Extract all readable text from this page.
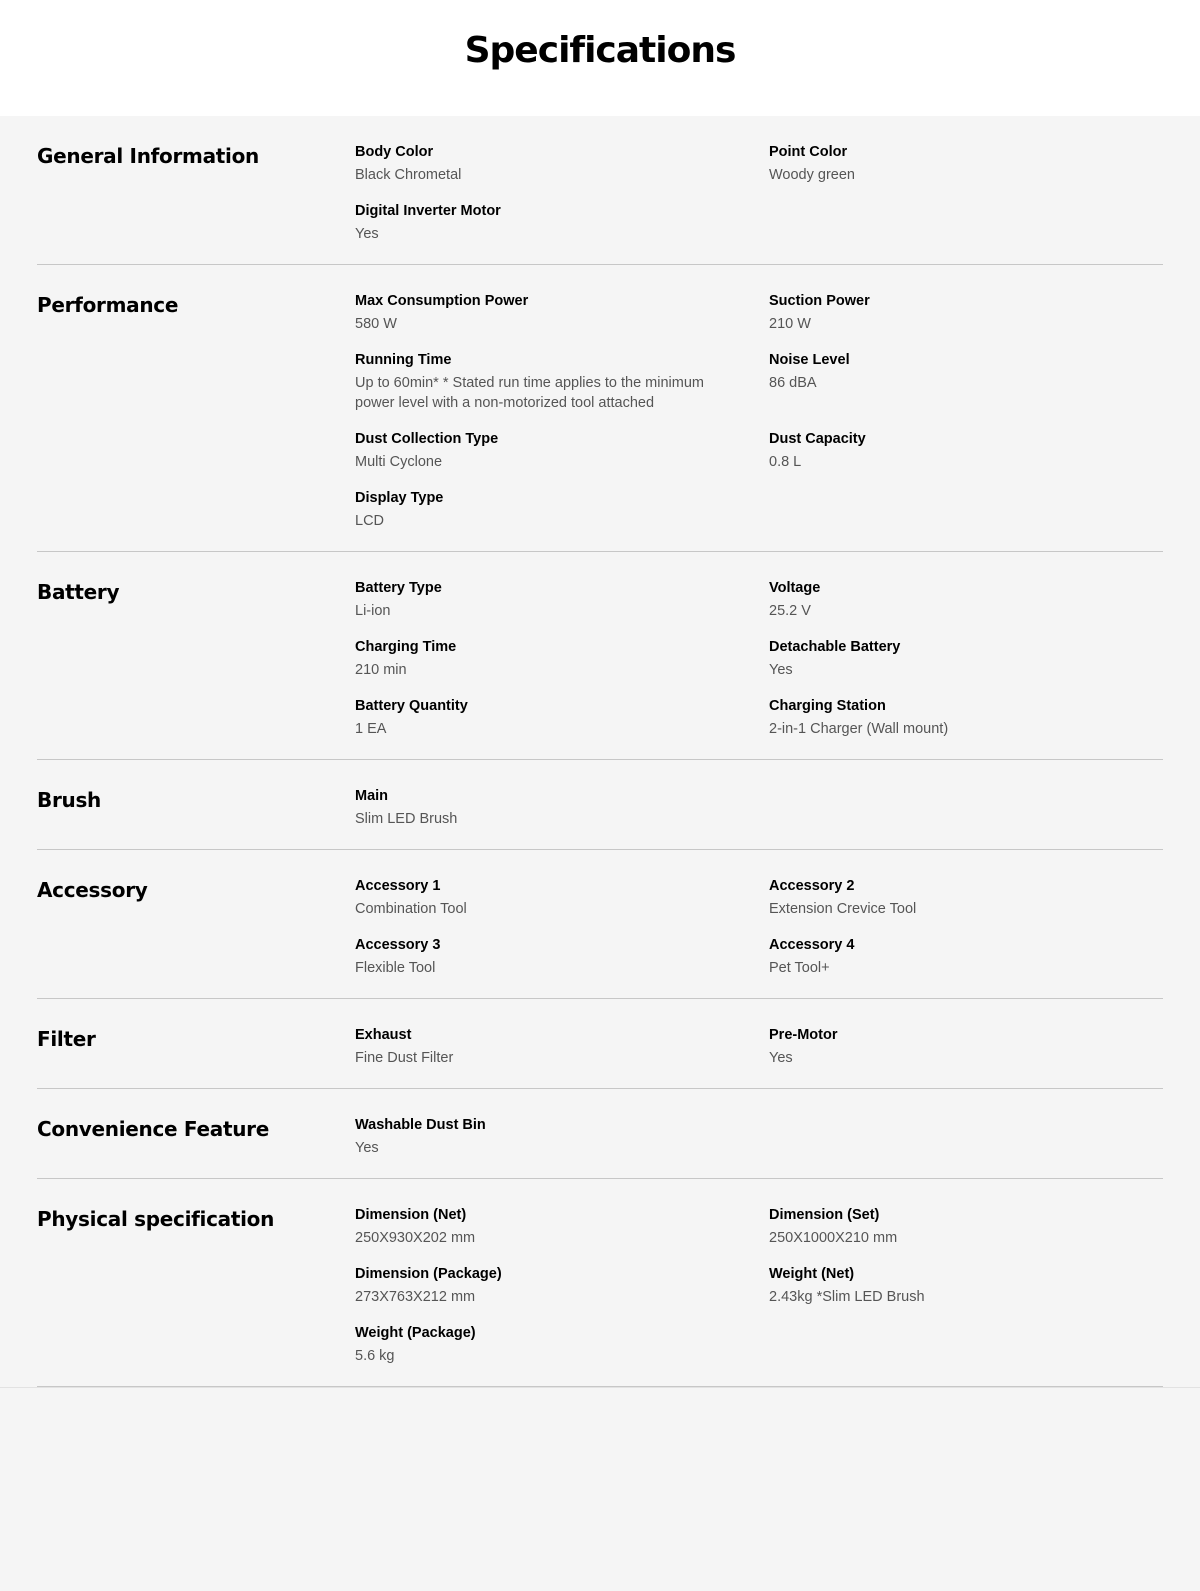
Specifications
General Information	Body Color
Black Chrometal
Point Color
Woody green
Digital Inverter Motor
Yes
Performance	Max Consumption Power
580 W
Suction Power
210 W
Running Time
Up to 60min* * Stated run time applies to the minimum power level with a non-motorized tool attached
Noise Level
86 dBA
Dust Collection Type
Multi Cyclone
Dust Capacity
0.8 L
Display Type
LCD
Battery	Battery Type
Li-ion
Voltage
25.2 V
Charging Time
210 min
Detachable Battery
Yes
Battery Quantity
1 EA
Charging Station
2-in-1 Charger (Wall mount)
Brush	Main
Slim LED Brush
Accessory	Accessory 1
Combination Tool
Accessory 2
Extension Crevice Tool
Accessory 3
Flexible Tool
Accessory 4
Pet Tool+
Filter	Exhaust
Fine Dust Filter
Pre-Motor
Yes
Convenience Feature	Washable Dust Bin
Yes
Physical specification	Dimension (Net)
250X930X202 mm
Dimension (Set)
250X1000X210 mm
Dimension (Package)
273X763X212 mm
Weight (Net)
2.43kg *Slim LED Brush
Weight (Package)
5.6 kg
